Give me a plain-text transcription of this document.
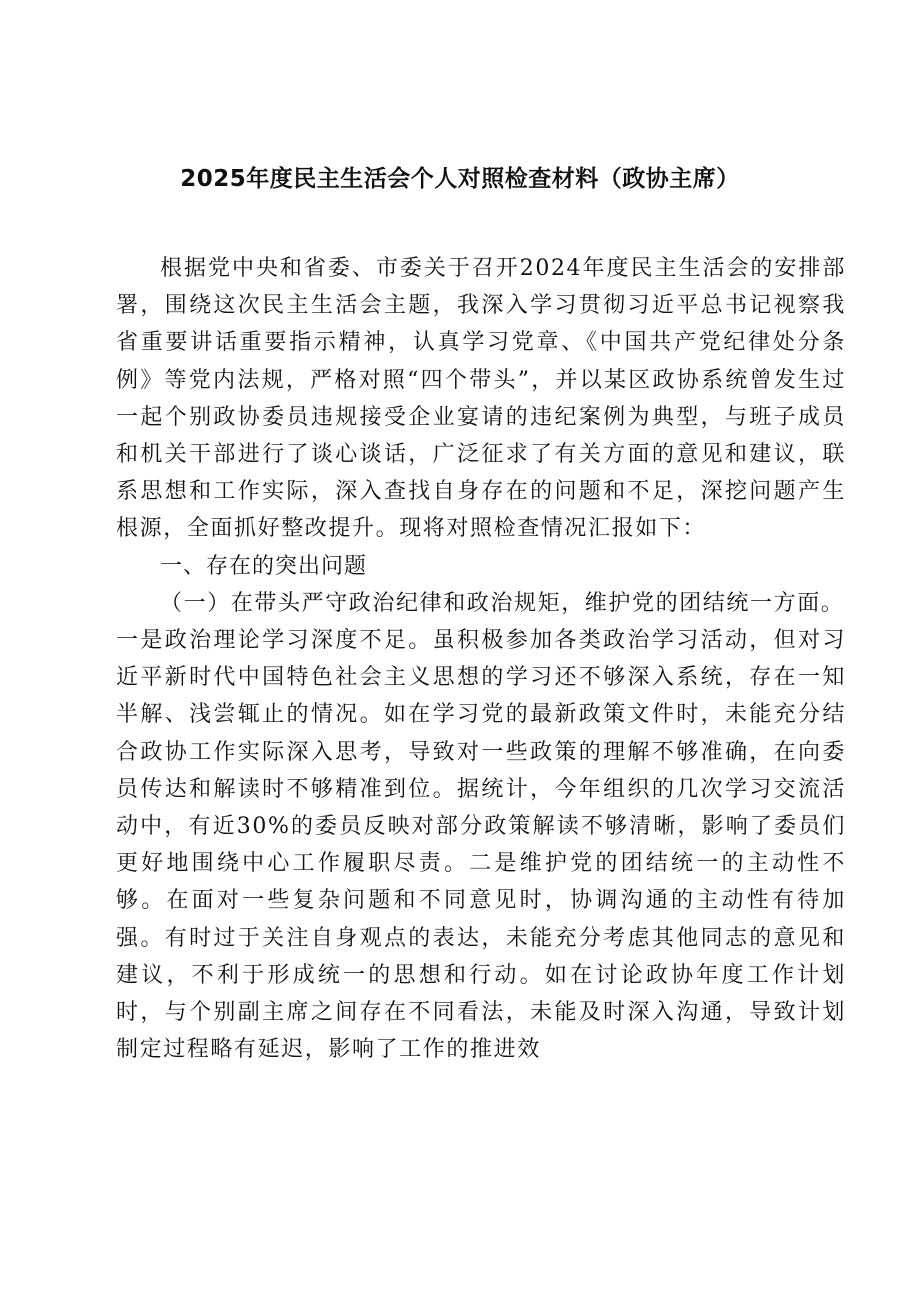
2025年度民主生活会个人对照检查材料（政协主席）

根据党中央和省委、市委关于召开2024年度民主生活会的安排部署，围绕这次民主生活会主题，我深入学习贯彻习近平总书记视察我省重要讲话重要指示精神，认真学习党章、《中国共产党纪律处分条例》等党内法规，严格对照“四个带头”，并以某区政协系统曾发生过一起个别政协委员违规接受企业宴请的违纪案例为典型，与班子成员和机关干部进行了谈心谈话，广泛征求了有关方面的意见和建议，联系思想和工作实际，深入查找自身存在的问题和不足，深挖问题产生根源，全面抓好整改提升。现将对照检查情况汇报如下：

一、存在的突出问题

（一）在带头严守政治纪律和政治规矩，维护党的团结统一方面。

一是政治理论学习深度不足。虽积极参加各类政治学习活动，但对习近平新时代中国特色社会主义思想的学习还不够深入系统，存在一知半解、浅尝辄止的情况。如在学习党的最新政策文件时，未能充分结合政协工作实际深入思考，导致对一些政策的理解不够准确，在向委员传达和解读时不够精准到位。据统计，今年组织的几次学习交流活动中，有近30%的委员反映对部分政策解读不够清晰，影响了委员们更好地围绕中心工作履职尽责。二是维护党的团结统一的主动性不够。在面对一些复杂问题和不同意见时，协调沟通的主动性有待加强。有时过于关注自身观点的表达，未能充分考虑其他同志的意见和建议，不利于形成统一的思想和行动。如在讨论政协年度工作计划时，与个别副主席之间存在不同看法，未能及时深入沟通，导致计划制定过程略有延迟，影响了工作的推进效
